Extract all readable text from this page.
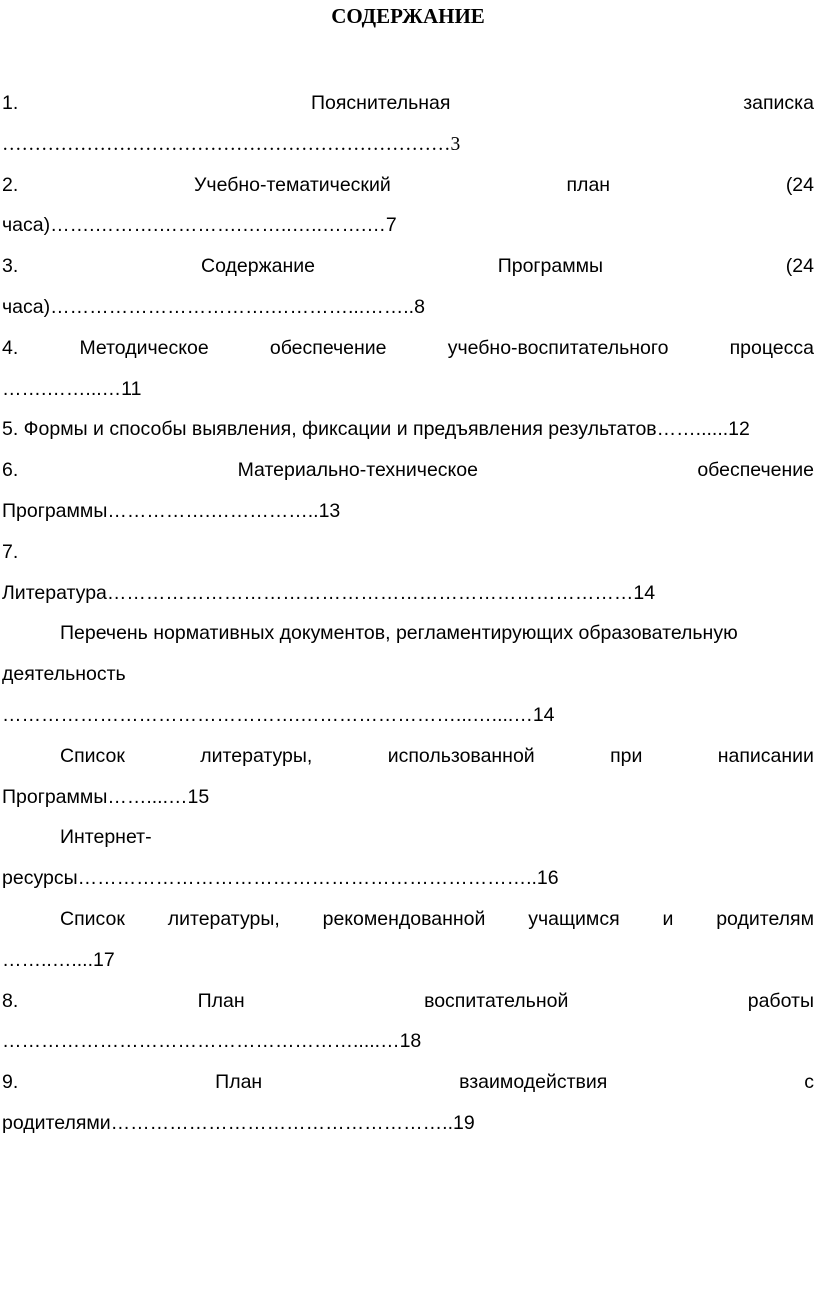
СОДЕРЖАНИЕ
1.	Пояснительная	записка
……………………………………………………………3
2.	Учебно-тематический	план	(24
часа)…….……….………….……..…..…….…7
3.	Содержание	Программы	(24
часа)…………………………….…………...……..8
4.	Методическое	обеспечение	учебно-воспитательного	процесса
…….……...…11
5. Формы и способы выявления, фиксации и предъявления результатов……......12
6.	Материально-техническое	обеспечение
Программы…………….……………..13
7.
Литература………………………………………………………………………14
Перечень нормативных документов, регламентирующих образовательную
деятельность
……………………………………….……………………...…....…14
Список	литературы,	использованной	при	написании
Программы……....…15
Интернет-
ресурсы……………………………………………………………..16
Список литературы, рекомендованной учащимся и родителям
……..…....17
8.	План	воспитательной	работы
……………………………………………….....…18
9.	План	взаимодействия	с
родителями……………………………………………..19
